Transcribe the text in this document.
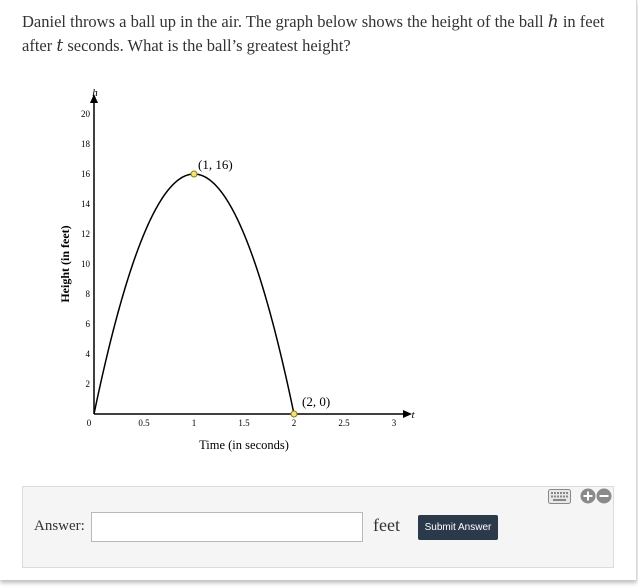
Daniel throws a ball up in the air. The graph below shows the height of the ball h in feet after t seconds. What is the ball’s greatest height?
0	0.5	1	1.5	2	2.5	3
2
4
6
8
10
12
14
16
18
20
(1, 16)
(2, 0)
Time (in seconds)
Height (in feet)
h
t
Answer:	feet	Submit Answer
